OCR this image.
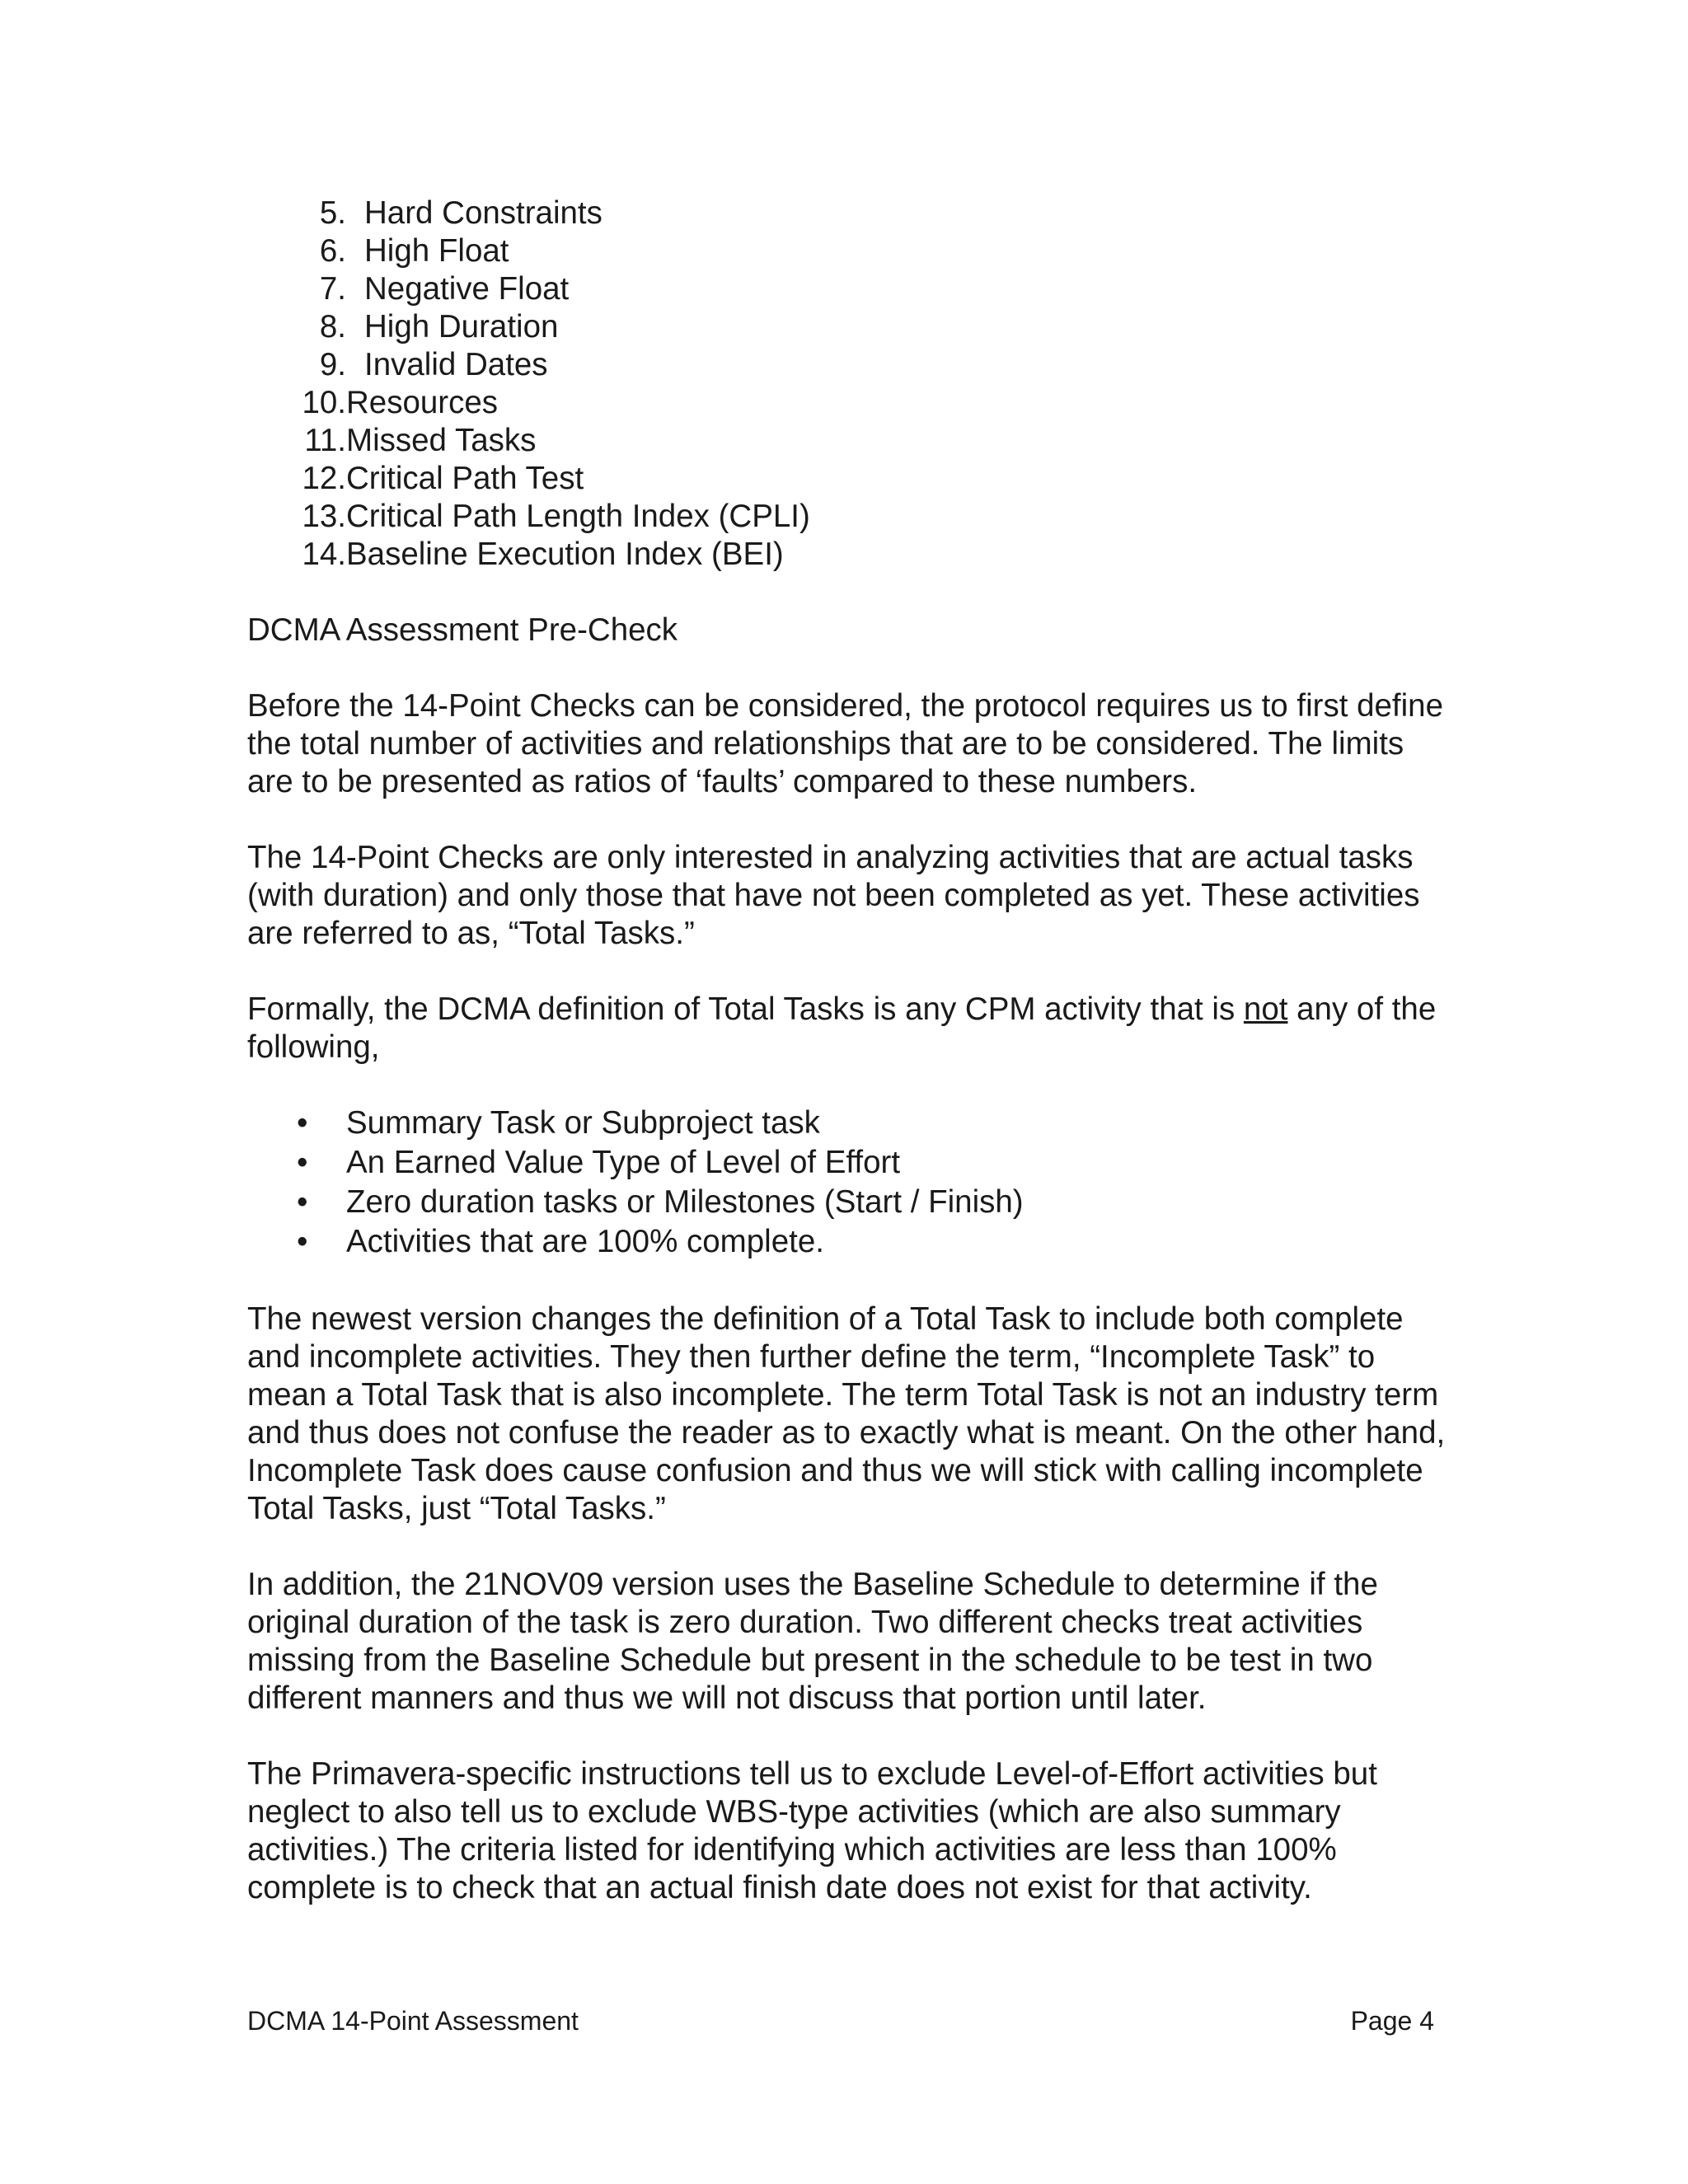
5. Hard Constraints
6. High Float
7. Negative Float
8. High Duration
9. Invalid Dates
10. Resources
11. Missed Tasks
12. Critical Path Test
13. Critical Path Length Index (CPLI)
14. Baseline Execution Index (BEI)

DCMA Assessment Pre-Check

Before the 14-Point Checks can be considered, the protocol requires us to first define the total number of activities and relationships that are to be considered. The limits are to be presented as ratios of ‘faults’ compared to these numbers.

The 14-Point Checks are only interested in analyzing activities that are actual tasks (with duration) and only those that have not been completed as yet. These activities are referred to as, “Total Tasks.”

Formally, the DCMA definition of Total Tasks is any CPM activity that is not any of the following,

•	Summary Task or Subproject task
•	An Earned Value Type of Level of Effort
•	Zero duration tasks or Milestones (Start / Finish)
•	Activities that are 100% complete.

The newest version changes the definition of a Total Task to include both complete and incomplete activities. They then further define the term, “Incomplete Task” to mean a Total Task that is also incomplete. The term Total Task is not an industry term and thus does not confuse the reader as to exactly what is meant. On the other hand, Incomplete Task does cause confusion and thus we will stick with calling incomplete Total Tasks, just “Total Tasks.”

In addition, the 21NOV09 version uses the Baseline Schedule to determine if the original duration of the task is zero duration. Two different checks treat activities missing from the Baseline Schedule but present in the schedule to be test in two different manners and thus we will not discuss that portion until later.

The Primavera-specific instructions tell us to exclude Level-of-Effort activities but neglect to also tell us to exclude WBS-type activities (which are also summary activities.) The criteria listed for identifying which activities are less than 100% complete is to check that an actual finish date does not exist for that activity.

DCMA 14-Point Assessment	Page 4
